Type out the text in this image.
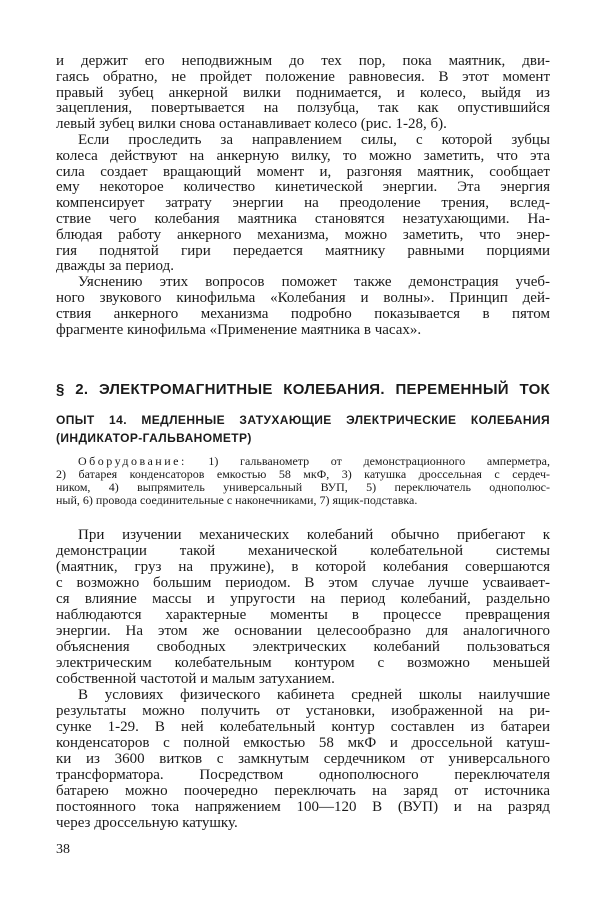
и держит его неподвижным до тех пор, пока маятник, дви-
гаясь обратно, не пройдет положение равновесия. В этот момент
правый зубец анкерной вилки поднимается, и колесо, выйдя из
зацепления, повертывается на ползубца, так как опустившийся
левый зубец вилки снова останавливает колесо (рис. 1-28, б).
Если проследить за направлением силы, с которой зубцы
колеса действуют на анкерную вилку, то можно заметить, что эта
сила создает вращающий момент и, разгоняя маятник, сообщает
ему некоторое количество кинетической энергии. Эта энергия
компенсирует затрату энергии на преодоление трения, вслед-
ствие чего колебания маятника становятся незатухающими. На-
блюдая работу анкерного механизма, можно заметить, что энер-
гия поднятой гири передается маятнику равными порциями
дважды за период.
Уяснению этих вопросов поможет также демонстрация учеб-
ного звукового кинофильма «Колебания и волны». Принцип дей-
ствия анкерного механизма подробно показывается в пятом
фрагменте кинофильма «Применение маятника в часах».
§ 2. ЭЛЕКТРОМАГНИТНЫЕ КОЛЕБАНИЯ. ПЕРЕМЕННЫЙ ТОК
ОПЫТ 14. МЕДЛЕННЫЕ ЗАТУХАЮЩИЕ ЭЛЕКТРИЧЕСКИЕ КОЛЕБАНИЯ
(ИНДИКАТОР-ГАЛЬВАНОМЕТР)
Оборудование: 1) гальванометр от демонстрационного амперметра,
2) батарея конденсаторов емкостью 58 мкФ, 3) катушка дроссельная с сердеч-
ником, 4) выпрямитель универсальный ВУП, 5) переключатель однополюс-
ный, 6) провода соединительные с наконечниками, 7) ящик-подставка.
При изучении механических колебаний обычно прибегают к
демонстрации такой механической колебательной системы
(маятник, груз на пружине), в которой колебания совершаются
с возможно большим периодом. В этом случае лучше усваивает-
ся влияние массы и упругости на период колебаний, раздельно
наблюдаются характерные моменты в процессе превращения
энергии. На этом же основании целесообразно для аналогичного
объяснения свободных электрических колебаний пользоваться
электрическим колебательным контуром с возможно меньшей
собственной частотой и малым затуханием.
В условиях физического кабинета средней школы наилучшие
результаты можно получить от установки, изображенной на ри-
сунке 1-29. В ней колебательный контур составлен из батареи
конденсаторов с полной емкостью 58 мкФ и дроссельной катуш-
ки из 3600 витков с замкнутым сердечником от универсального
трансформатора. Посредством однополюсного переключателя
батарею можно поочередно переключать на заряд от источника
постоянного тока напряжением 100—120 В (ВУП) и на разряд
через дроссельную катушку.
38
